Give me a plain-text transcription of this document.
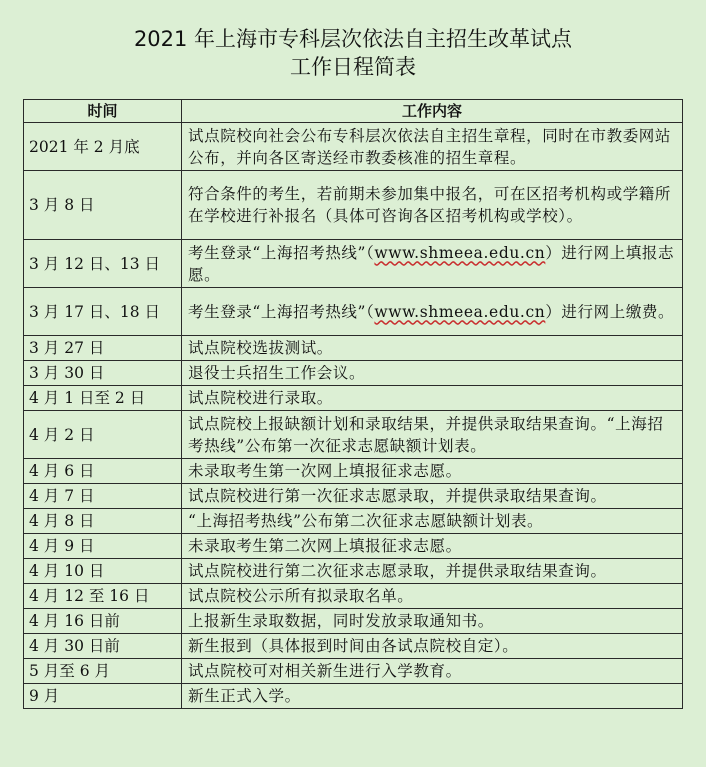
2021 年上海市专科层次依法自主招生改革试点
工作日程简表
时间	工作内容
2021 年 2 月底	试点院校向社会公布专科层次依法自主招生章程，同时在市教委网站公布，并向各区寄送经市教委核准的招生章程。
3 月 8 日	符合条件的考生，若前期未参加集中报名，可在区招考机构或学籍所在学校进行补报名（具体可咨询各区招考机构或学校）。
3 月 12 日、13 日	考生登录“上海招考热线”（www.shmeea.edu.cn）进行网上填报志愿。
3 月 17 日、18 日	考生登录“上海招考热线”（www.shmeea.edu.cn）进行网上缴费。
3 月 27 日	试点院校选拔测试。
3 月 30 日	退役士兵招生工作会议。
4 月 1 日至 2 日	试点院校进行录取。
4 月 2 日	试点院校上报缺额计划和录取结果，并提供录取结果查询。“上海招考热线”公布第一次征求志愿缺额计划表。
4 月 6 日	未录取考生第一次网上填报征求志愿。
4 月 7 日	试点院校进行第一次征求志愿录取，并提供录取结果查询。
4 月 8 日	“上海招考热线”公布第二次征求志愿缺额计划表。
4 月 9 日	未录取考生第二次网上填报征求志愿。
4 月 10 日	试点院校进行第二次征求志愿录取，并提供录取结果查询。
4 月 12 至 16 日	试点院校公示所有拟录取名单。
4 月 16 日前	上报新生录取数据，同时发放录取通知书。
4 月 30 日前	新生报到（具体报到时间由各试点院校自定）。
5 月至 6 月	试点院校可对相关新生进行入学教育。
9 月	新生正式入学。
